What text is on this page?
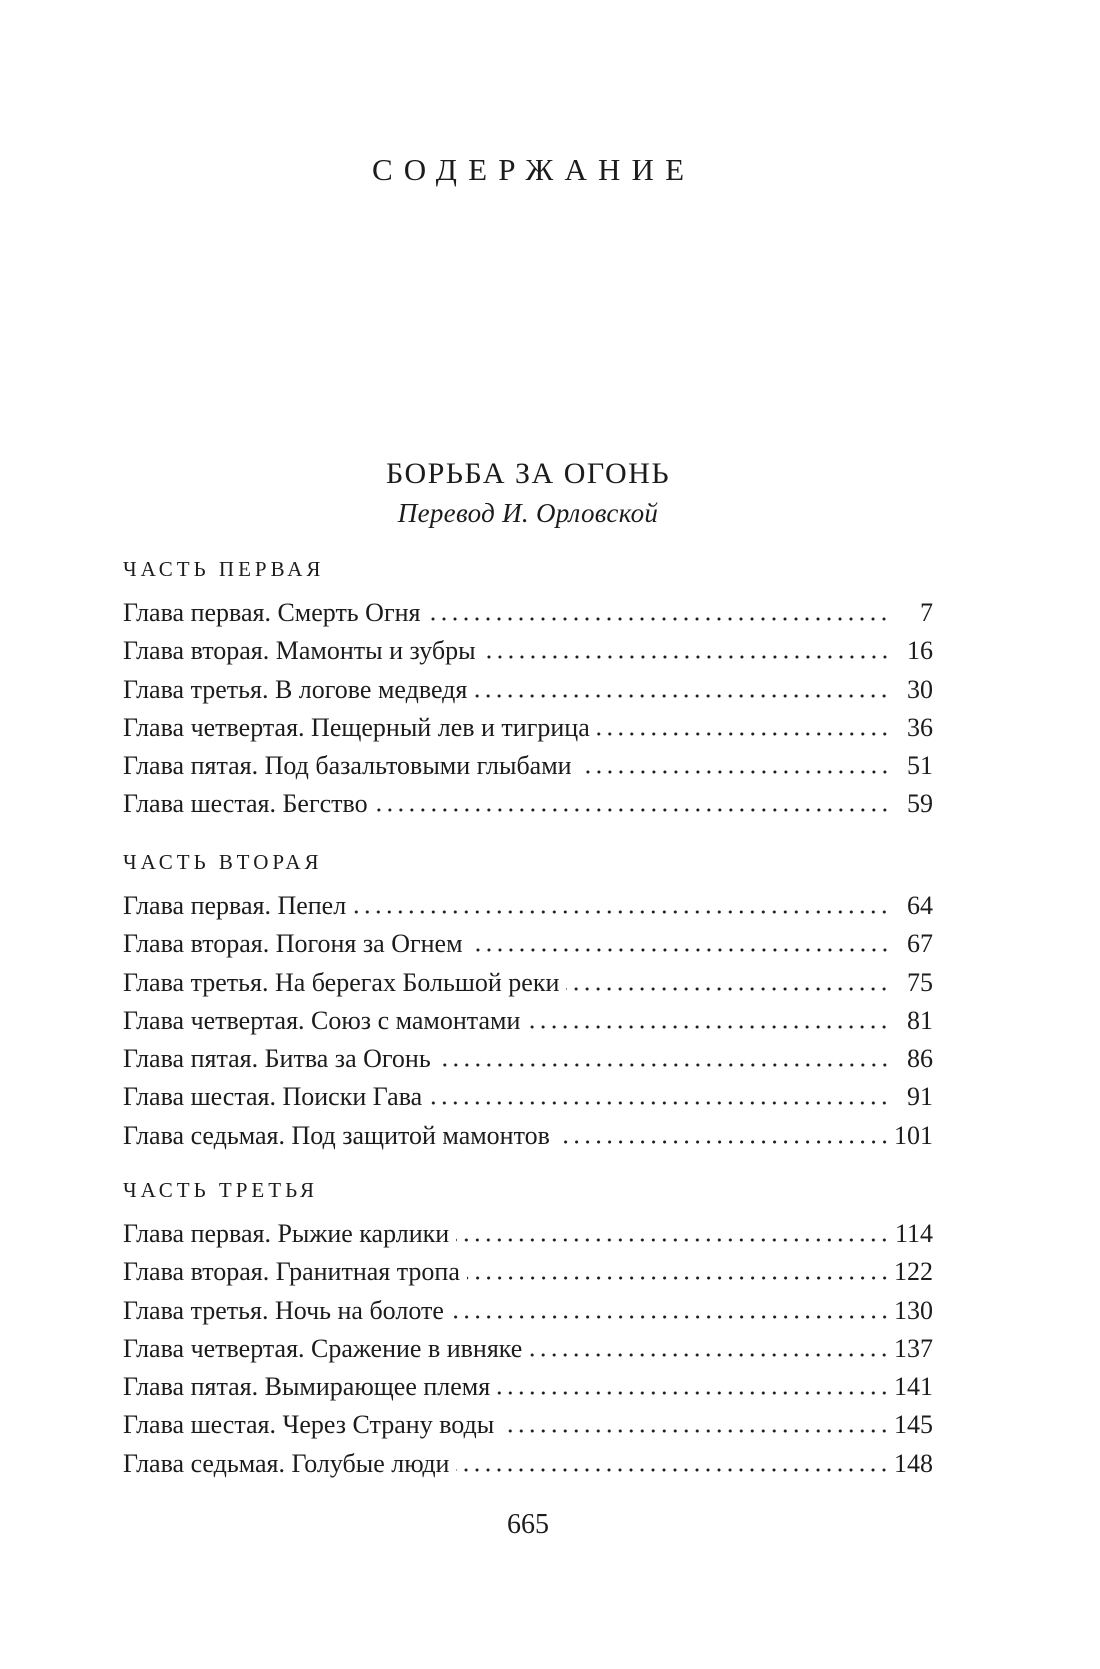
СОДЕРЖАНИЕ
БОРЬБА ЗА ОГОНЬ
Перевод И. Орловской
ЧАСТЬ ПЕРВАЯ
Глава первая. Смерть Огня	7
Глава вторая. Мамонты и зубры	16
Глава третья. В логове медведя	30
Глава четвертая. Пещерный лев и тигрица	36
Глава пятая. Под базальтовыми глыбами	51
Глава шестая. Бегство	59
ЧАСТЬ ВТОРАЯ
Глава первая. Пепел	64
Глава вторая. Погоня за Огнем	67
Глава третья. На берегах Большой реки	75
Глава четвертая. Союз с мамонтами	81
Глава пятая. Битва за Огонь	86
Глава шестая. Поиски Гава	91
Глава седьмая. Под защитой мамонтов	101
ЧАСТЬ ТРЕТЬЯ
Глава первая. Рыжие карлики	114
Глава вторая. Гранитная тропа	122
Глава третья. Ночь на болоте	130
Глава четвертая. Сражение в ивняке	137
Глава пятая. Вымирающее племя	141
Глава шестая. Через Страну воды	145
Глава седьмая. Голубые люди	148
665
